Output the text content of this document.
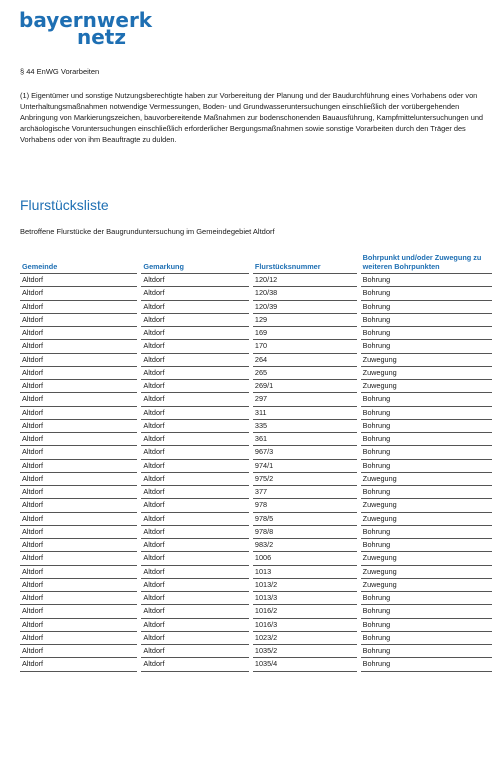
bayernwerk
netz
§ 44 EnWG Vorarbeiten
(1) Eigentümer und sonstige Nutzungsberechtigte haben zur Vorbereitung der Planung und der Baudurchführung eines Vorhabens oder von Unterhaltungsmaßnahmen notwendige Vermessungen, Boden- und Grundwasseruntersuchungen einschließlich der vorübergehenden Anbringung von Markierungszeichen, bauvorbereitende Maßnahmen zur bodenschonenden Bauausführung, Kampfmitteluntersuchungen und archäologische Voruntersuchungen einschließlich erforderlicher Bergungsmaßnahmen sowie sonstige Vorarbeiten durch den Träger des Vorhabens oder von ihm Beauftragte zu dulden.
Flurstücksliste
Betroffene Flurstücke der Baugrunduntersuchung im Gemeindegebiet Altdorf
Gemeinde	Gemarkung	Flurstücksnummer	Bohrpunkt und/oder Zuwegung zu weiteren Bohrpunkten
Altdorf	Altdorf	120/12	Bohrung
Altdorf	Altdorf	120/38	Bohrung
Altdorf	Altdorf	120/39	Bohrung
Altdorf	Altdorf	129	Bohrung
Altdorf	Altdorf	169	Bohrung
Altdorf	Altdorf	170	Bohrung
Altdorf	Altdorf	264	Zuwegung
Altdorf	Altdorf	265	Zuwegung
Altdorf	Altdorf	269/1	Zuwegung
Altdorf	Altdorf	297	Bohrung
Altdorf	Altdorf	311	Bohrung
Altdorf	Altdorf	335	Bohrung
Altdorf	Altdorf	361	Bohrung
Altdorf	Altdorf	967/3	Bohrung
Altdorf	Altdorf	974/1	Bohrung
Altdorf	Altdorf	975/2	Zuwegung
Altdorf	Altdorf	377	Bohrung
Altdorf	Altdorf	978	Zuwegung
Altdorf	Altdorf	978/5	Zuwegung
Altdorf	Altdorf	978/8	Bohrung
Altdorf	Altdorf	983/2	Bohrung
Altdorf	Altdorf	1006	Zuwegung
Altdorf	Altdorf	1013	Zuwegung
Altdorf	Altdorf	1013/2	Zuwegung
Altdorf	Altdorf	1013/3	Bohrung
Altdorf	Altdorf	1016/2	Bohrung
Altdorf	Altdorf	1016/3	Bohrung
Altdorf	Altdorf	1023/2	Bohrung
Altdorf	Altdorf	1035/2	Bohrung
Altdorf	Altdorf	1035/4	Bohrung
